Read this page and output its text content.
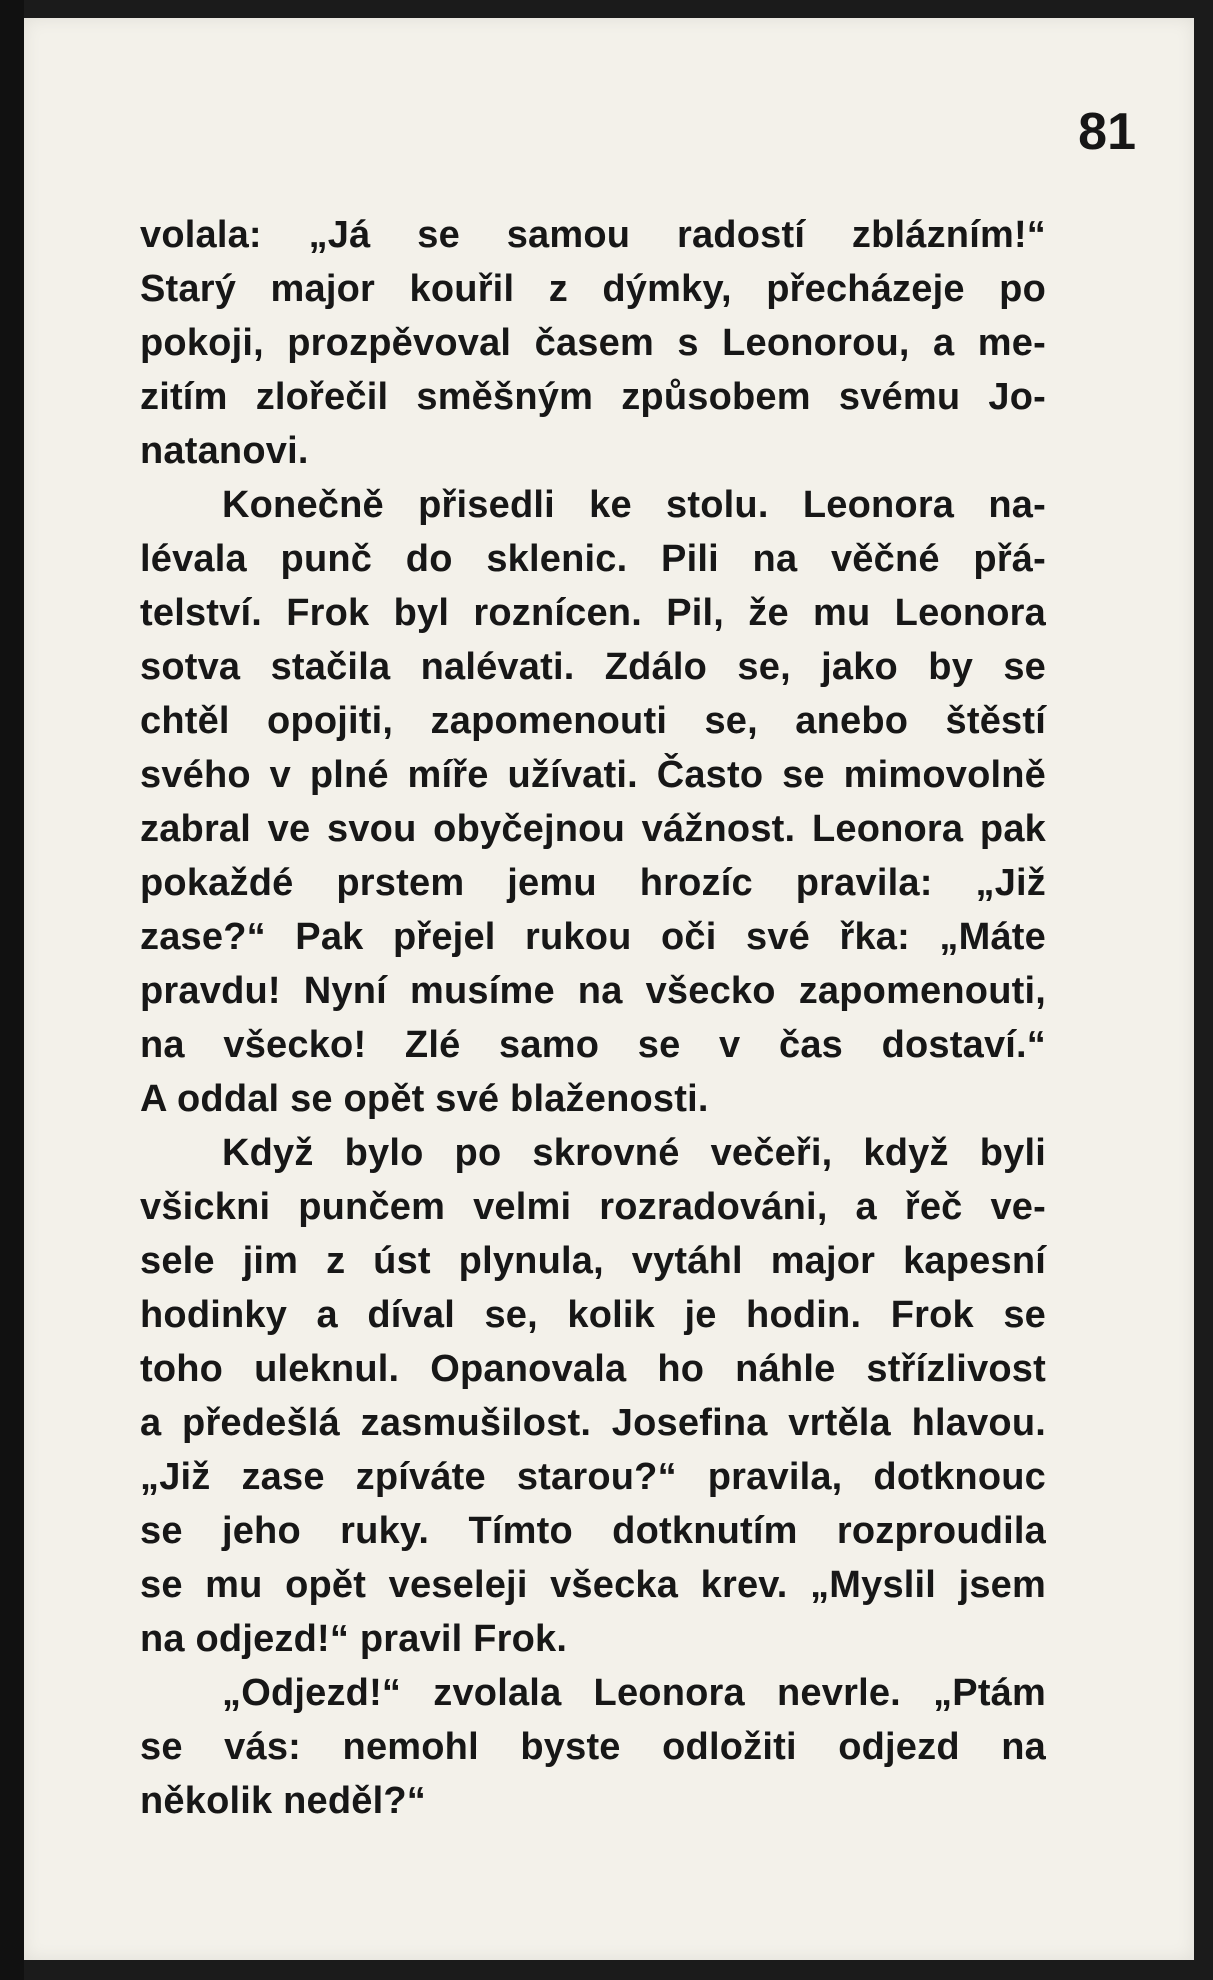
81
volala: „Já se samou radostí zblázním!“
Starý major kouřil z dýmky, přecházeje po
pokoji, prozpěvoval časem s Leonorou, a me-
zitím zlořečil směšným způsobem svému Jo-
natanovi.
Konečně přisedli ke stolu. Leonora na-
lévala punč do sklenic. Pili na věčné přá-
telství. Frok byl roznícen. Pil, že mu Leonora
sotva stačila nalévati. Zdálo se, jako by se
chtěl opojiti, zapomenouti se, anebo štěstí
svého v plné míře užívati. Často se mimovolně
zabral ve svou obyčejnou vážnost. Leonora pak
pokaždé prstem jemu hrozíc pravila: „Již
zase?“ Pak přejel rukou oči své řka: „Máte
pravdu! Nyní musíme na všecko zapomenouti,
na všecko! Zlé samo se v čas dostaví.“
A oddal se opět své blaženosti.
Když bylo po skrovné večeři, když byli
všickni punčem velmi rozradováni, a řeč ve-
sele jim z úst plynula, vytáhl major kapesní
hodinky a díval se, kolik je hodin. Frok se
toho uleknul. Opanovala ho náhle střízlivost
a předešlá zasmušilost. Josefina vrtěla hlavou.
„Již zase zpíváte starou?“ pravila, dotknouc
se jeho ruky. Tímto dotknutím rozproudila
se mu opět veseleji všecka krev. „Myslil jsem
na odjezd!“ pravil Frok.
„Odjezd!“ zvolala Leonora nevrle. „Ptám
se vás: nemohl byste odložiti odjezd na
několik neděl?“
